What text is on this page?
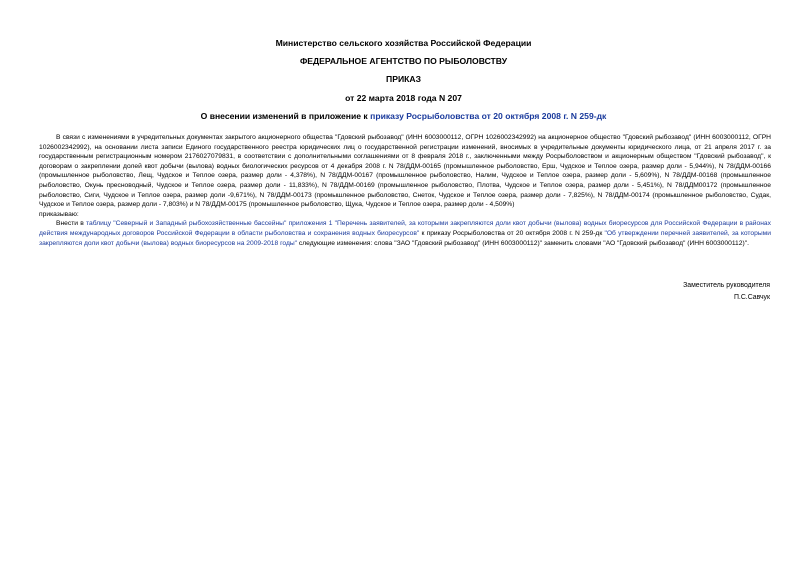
Министерство сельского хозяйства Российской Федерации
ФЕДЕРАЛЬНОЕ АГЕНТСТВО ПО РЫБОЛОВСТВУ
ПРИКАЗ
от 22 марта 2018 года N 207
О внесении изменений в приложение к приказу Росрыболовства от 20 октября 2008 г. N 259-дк

В связи с изменениями в учредительных документах закрытого акционерного общества "Гдовский рыбозавод" (ИНН 6003000112, ОГРН 1026002342992) на акционерное общество "Гдовский рыбозавод" (ИНН 6003000112, ОГРН 1026002342992), на основании листа записи Единого государственного реестра юридических лиц о государственной регистрации изменений, вносимых в учредительные документы юридического лица, от 21 апреля 2017 г. за государственным регистрационным номером 2176027079831, в соответствии с дополнительными соглашениями от 8 февраля 2018 г., заключенными между Росрыболовством и акционерным обществом "Гдовский рыбозавод", к договорам о закреплении долей квот добычи (вылова) водных биологических ресурсов от 4 декабря 2008 г. N 78/ДДМ-00165 (промышленное рыболовство, Ерш, Чудское и Теплое озера, размер доли - 5,944%), N 78/ДДМ-00166 (промышленное рыболовство, Лещ, Чудское и Теплое озера, размер доли - 4,378%), N 78/ДДМ-00167 (промышленное рыболовство, Налим, Чудское и Теплое озера, размер доли - 5,609%), N 78/ДДМ-00168 (промышленное рыболовство, Окунь пресноводный, Чудское и Теплое озера, размер доли - 11,833%), N 78/ДДМ-00169 (промышленное рыболовство, Плотва, Чудское и Теплое озера, размер доли - 5,451%), N 78/ДДМ00172 (промышленное рыболовство, Сиги, Чудское и Теплое озера, размер доли -9,671%), N 78/ДДМ-00173 (промышленное рыболовство, Снеток, Чудское и Теплое озера, размер доли - 7,825%), N 78/ДДМ-00174 (промышленное рыболовство, Судак, Чудское и Теплое озера, размер доли - 7,803%) и N 78/ДДМ-00175 (промышленное рыболовство, Щука, Чудское и Теплое озера, размер доли - 4,509%)

приказываю:

Внести в таблицу "Северный и Западный рыбохозяйственные бассейны" приложения 1 "Перечень заявителей, за которыми закрепляются доли квот добычи (вылова) водных биоресурсов для Российской Федерации в районах действия международных договоров Российской Федерации в области рыболовства и сохранения водных биоресурсов" к приказу Росрыболовства от 20 октября 2008 г. N 259-дк "Об утверждении перечней заявителей, за которыми закрепляются доли квот добычи (вылова) водных биоресурсов на 2009-2018 годы" следующие изменения: слова "ЗАО "Гдовский рыбозавод" (ИНН 6003000112)" заменить словами "АО "Гдовский рыбозавод" (ИНН 6003000112)".

Заместитель руководителя
П.С.Савчук
